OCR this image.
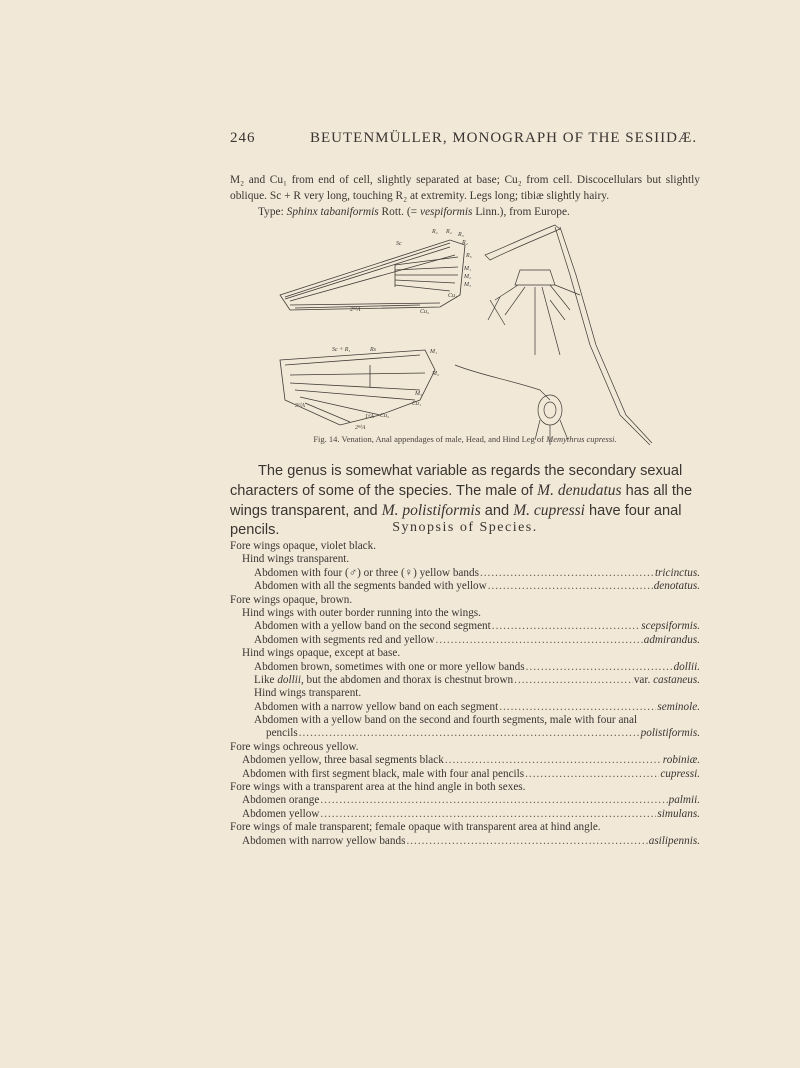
246	BEUTENMÜLLER, MONOGRAPH OF THE SESIIDÆ.

M₂ and Cu₁ from end of cell, slightly separated at base; Cu₂ from cell. Discocellulars but slightly oblique. Sc + R very long, touching R₂ at extremity. Legs long; tibiæ slightly hairy.

Type: Sphinx tabaniformis Rott. (= vespiformis Linn.), from Europe.

R₂ R₄ R₃
R₄
R₅
Sc
M₁
M₂
M₃
Cu₁
Cu₂
2ⁿᵈA
Sc + R₁	Rs	M₁
M₂
M₃
Cu₁
Cu₂
3ʳᵈA
1ˢᵗA
2ⁿᵈA
Fig. 14. Venation, Anal appendages of male, Head, and Hind Leg of Memythrus cupressi.

The genus is somewhat variable as regards the secondary sexual characters of some of the species. The male of M. denudatus has all the wings transparent, and M. polistiformis and M. cupressi have four anal pencils.	Synopsis of Species.
Fore wings opaque, violet black.
Hind wings transparent.
Abdomen with four (♂) or three (♀) yellow bands .....	tricinctus.
Abdomen with all the segments banded with yellow .....	denotatus.
Fore wings opaque, brown.
Hind wings with outer border running into the wings.
Abdomen with a yellow band on the second segment .....	scepsiformis.
Abdomen with segments red and yellow .....	admirandus.
Hind wings opaque, except at base.
Abdomen brown, sometimes with one or more yellow bands .....	dollii.
Like dollii, but the abdomen and thorax is chestnut brown .....	var. castaneus.
Hind wings transparent.
Abdomen with a narrow yellow band on each segment .....	seminole.
Abdomen with a yellow band on the second and fourth segments, male with four anal
pencils .....	polistiformis.
Fore wings ochreous yellow.
Abdomen yellow, three basal segments black .....	robiniæ.
Abdomen with first segment black, male with four anal pencils .....	cupressi.
Fore wings with a transparent area at the hind angle in both sexes.
Abdomen orange .....	palmii.
Abdomen yellow .....	simulans.
Fore wings of male transparent; female opaque with transparent area at hind angle.
Abdomen with narrow yellow bands .....	asilipennis.
